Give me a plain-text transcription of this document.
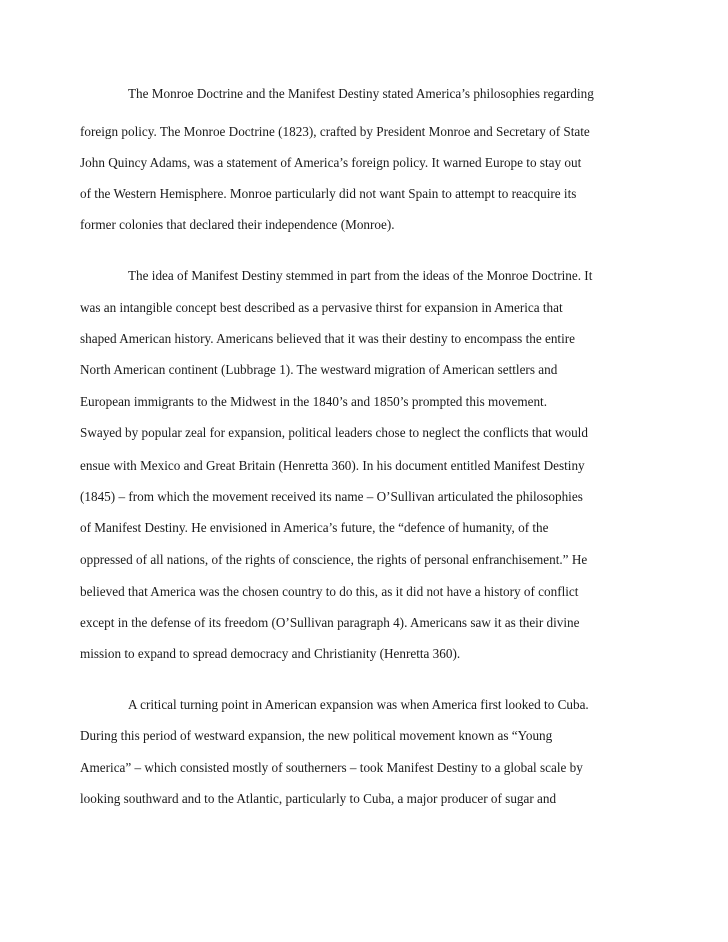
The Monroe Doctrine and the Manifest Destiny stated America’s philosophies regarding
foreign policy. The Monroe Doctrine (1823), crafted by President Monroe and Secretary of State
John Quincy Adams, was a statement of America’s foreign policy. It warned Europe to stay out
of the Western Hemisphere. Monroe particularly did not want Spain to attempt to reacquire its
former colonies that declared their independence (Monroe).
The idea of Manifest Destiny stemmed in part from the ideas of the Monroe Doctrine. It
was an intangible concept best described as a pervasive thirst for expansion in America that
shaped American history. Americans believed that it was their destiny to encompass the entire
North American continent (Lubbrage 1). The westward migration of American settlers and
European immigrants to the Midwest in the 1840’s and 1850’s prompted this movement.
Swayed by popular zeal for expansion, political leaders chose to neglect the conflicts that would
ensue with Mexico and Great Britain (Henretta 360). In his document entitled Manifest Destiny
(1845) – from which the movement received its name – O’Sullivan articulated the philosophies
of Manifest Destiny. He envisioned in America’s future, the “defence of humanity, of the
oppressed of all nations, of the rights of conscience, the rights of personal enfranchisement.” He
believed that America was the chosen country to do this, as it did not have a history of conflict
except in the defense of its freedom (O’Sullivan paragraph 4). Americans saw it as their divine
mission to expand to spread democracy and Christianity (Henretta 360).
A critical turning point in American expansion was when America first looked to Cuba.
During this period of westward expansion, the new political movement known as “Young
America” – which consisted mostly of southerners – took Manifest Destiny to a global scale by
looking southward and to the Atlantic, particularly to Cuba, a major producer of sugar and
